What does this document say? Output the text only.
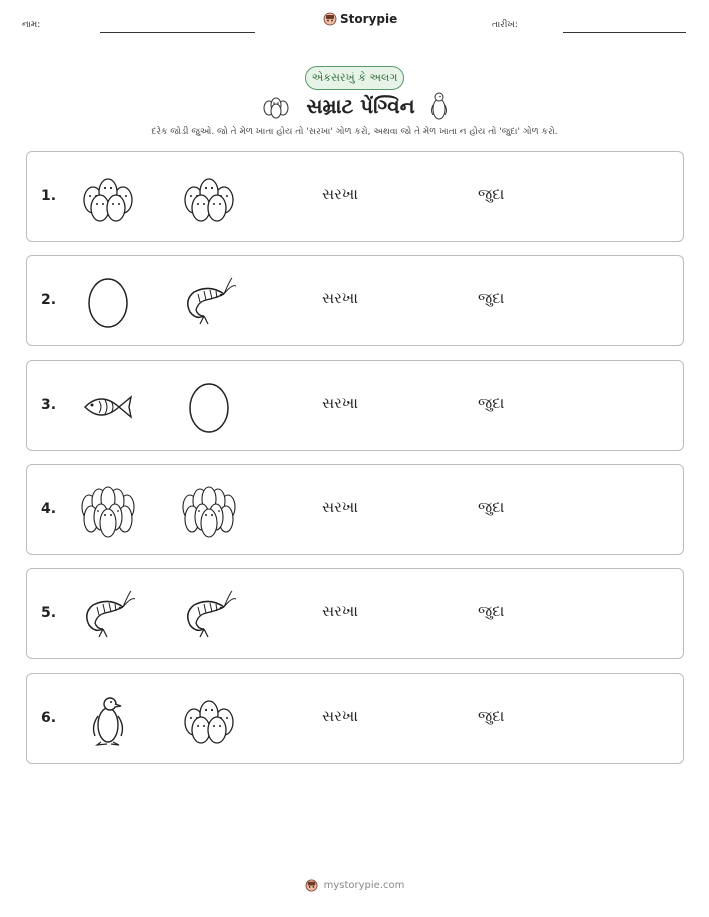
નામ:	Storypie	તારીખ:
એકસરખું કે અલગ
સમ્રાટ પેંગ્વિન
દરેક જોડી જુઓ. જો તે મેળ ખાતા હોય તો 'સરખા' ગોળ કરો, અથવા જો તે મેળ ખાતા ન હોય તો 'જુદા' ગોળ કરો.
1.	સરખા	જુદા
2.	સરખા	જુદા
3.	સરખા	જુદા
4.	સરખા	જુદા
5.	સરખા	જુદા
6.	સરખા	જુદા
mystorypie.com
